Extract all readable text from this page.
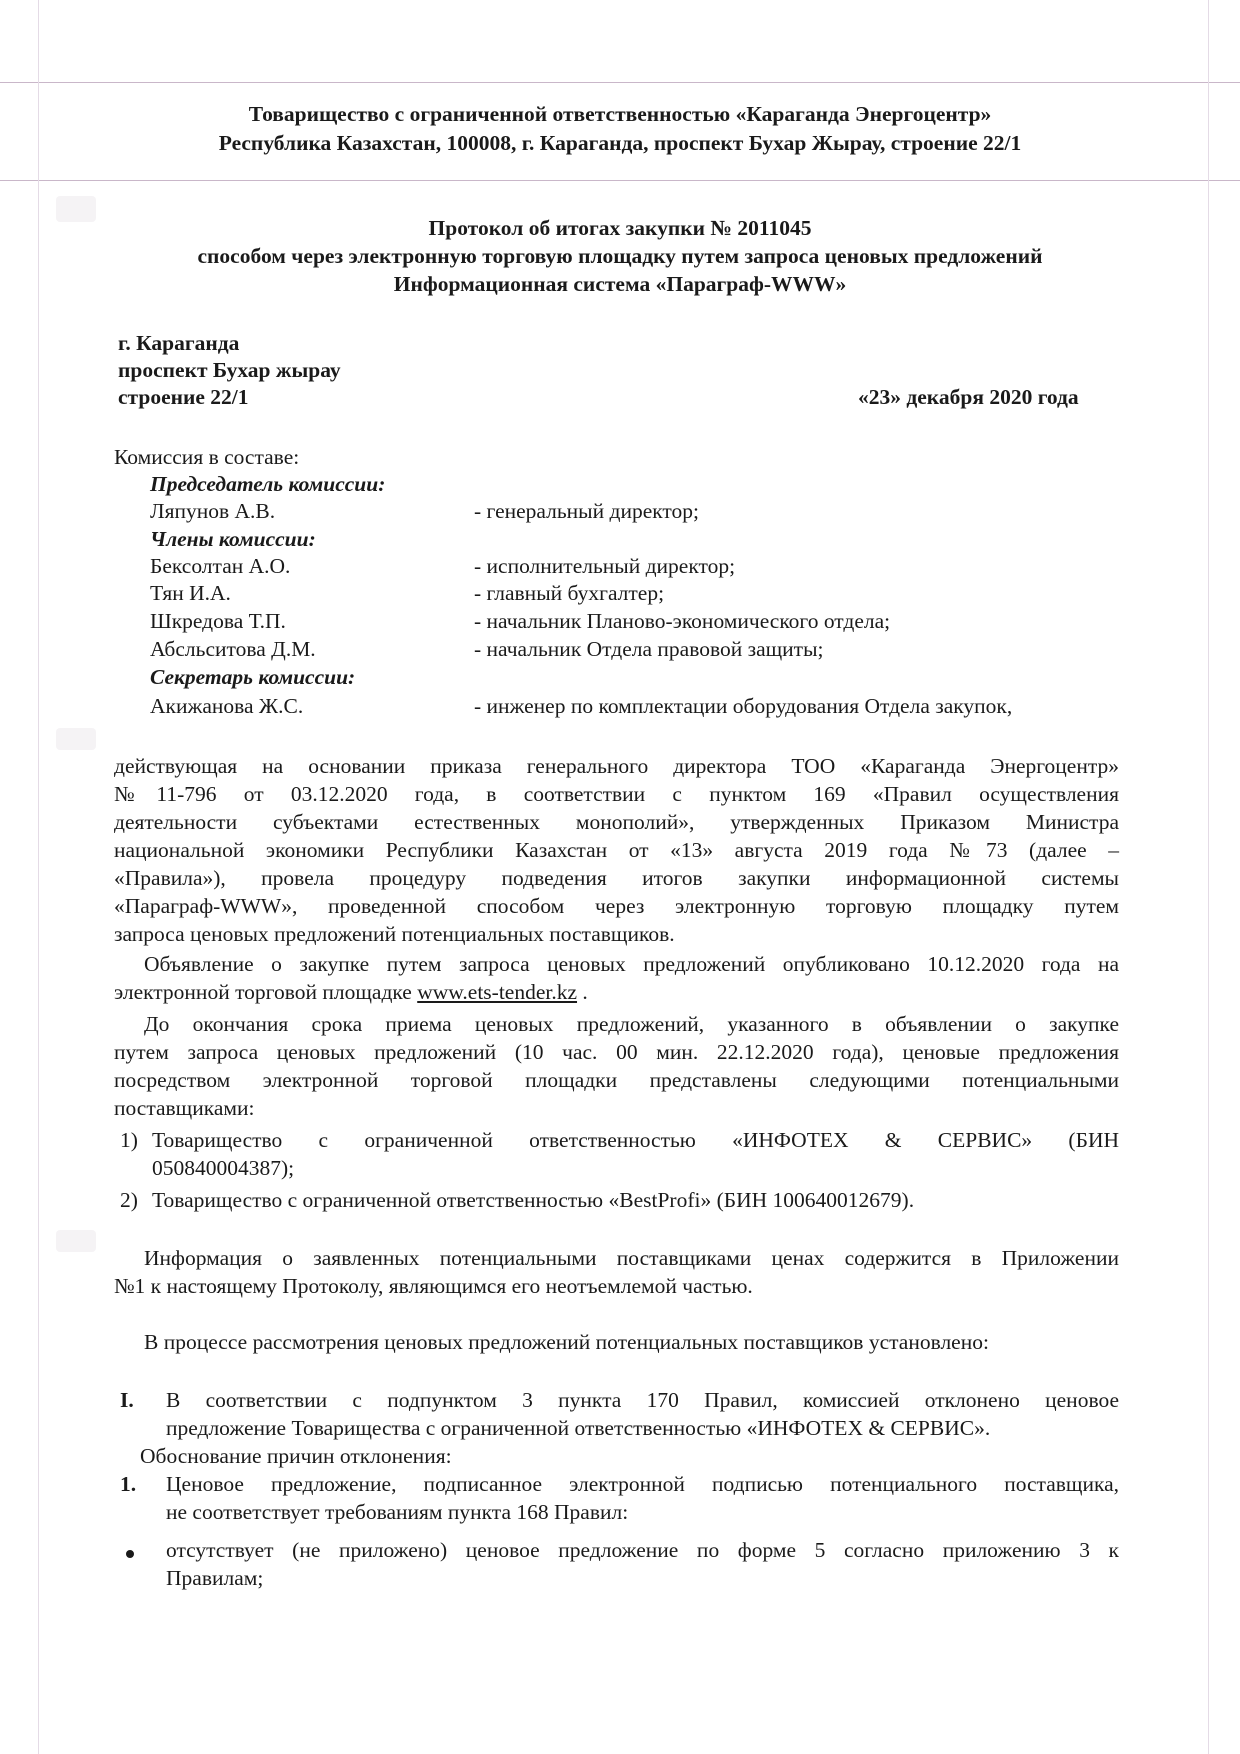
Товарищество с ограниченной ответственностью «Караганда Энергоцентр»
Республика Казахстан, 100008, г. Караганда, проспект Бухар Жырау, строение 22/1
Протокол об итогах закупки № 2011045
способом через электронную торговую площадку путем запроса ценовых предложений
Информационная система «Параграф-WWW»
г. Караганда
проспект Бухар жырау
строение 22/1	«23» декабря 2020 года
Комиссия в составе:
Председатель комиссии:
Ляпунов А.В.	- генеральный директор;
Члены комиссии:
Бексолтан А.О.	- исполнительный директор;
Тян И.А.	- главный бухгалтер;
Шкредова Т.П.	- начальник Планово-экономического отдела;
Абсльситова Д.М.	- начальник Отдела правовой защиты;
Секретарь комиссии:
Акижанова Ж.С.	- инженер по комплектации оборудования Отдела закупок,
действующая на основании приказа генерального директора ТОО «Караганда Энергоцентр»
№11-796 от 03.12.2020 года, в соответствии с пунктом 169 «Правил осуществления
деятельности субъектами естественных монополий», утвержденных Приказом Министра
национальной экономики Республики Казахстан от «13» августа 2019 года №73 (далее –
«Правила»), провела процедуру подведения итогов закупки информационной системы
«Параграф-WWW», проведенной способом через электронную торговую площадку путем
запроса ценовых предложений потенциальных поставщиков.
Объявление о закупке путем запроса ценовых предложений опубликовано 10.12.2020 года на
электронной торговой площадке www.ets-tender.kz .
До окончания срока приема ценовых предложений, указанного в объявлении о закупке
путем запроса ценовых предложений (10 час. 00 мин. 22.12.2020 года), ценовые предложения
посредством электронной торговой площадки представлены следующими потенциальными
поставщиками:
1) Товарищество с ограниченной ответственностью «ИНФОТЕХ & СЕРВИС» (БИН
050840004387);
2) Товарищество с ограниченной ответственностью «BestProfi» (БИН 100640012679).
Информация о заявленных потенциальными поставщиками ценах содержится в Приложении
№1 к настоящему Протоколу, являющимся его неотъемлемой частью.
В процессе рассмотрения ценовых предложений потенциальных поставщиков установлено:
I. В соответствии с подпунктом 3 пункта 170 Правил, комиссией отклонено ценовое
предложение Товарищества с ограниченной ответственностью «ИНФОТЕХ & СЕРВИС».
Обоснование причин отклонения:
1. Ценовое предложение, подписанное электронной подписью потенциального поставщика,
не соответствует требованиям пункта 168 Правил:
отсутствует (не приложено) ценовое предложение по форме 5 согласно приложению 3 к
Правилам;
